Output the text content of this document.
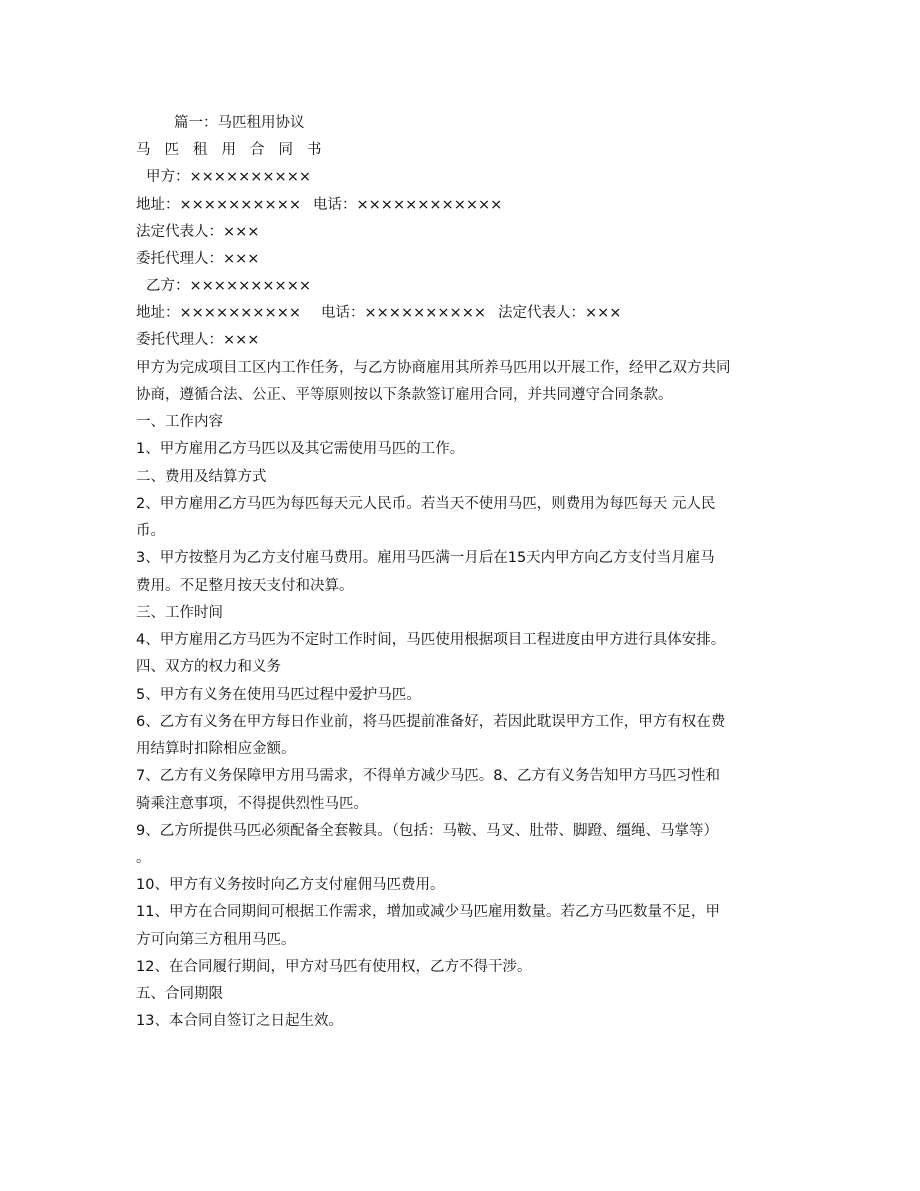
篇一：马匹租用协议
马匹租用合同书
甲方：××××××××××
地址：×××××××××× 电话：××××××××××××
法定代表人：×××
委托代理人：×××
乙方：××××××××××
地址：×××××××××× 电话：×××××××××× 法定代表人：×××
委托代理人：×××
甲方为完成项目工区内工作任务，与乙方协商雇用其所养马匹用以开展工作，经甲乙双方共同
协商，遵循合法、公正、平等原则按以下条款签订雇用合同，并共同遵守合同条款。
一、工作内容
1、甲方雇用乙方马匹以及其它需使用马匹的工作。
二、费用及结算方式
2、甲方雇用乙方马匹为每匹每天元人民币。若当天不使用马匹，则费用为每匹每天 元人民
币。
3、甲方按整月为乙方支付雇马费用。雇用马匹满一月后在15天内甲方向乙方支付当月雇马
费用。不足整月按天支付和决算。
三、工作时间
4、甲方雇用乙方马匹为不定时工作时间，马匹使用根据项目工程进度由甲方进行具体安排。
四、双方的权力和义务
5、甲方有义务在使用马匹过程中爱护马匹。
6、乙方有义务在甲方每日作业前，将马匹提前准备好，若因此耽误甲方工作，甲方有权在费
用结算时扣除相应金额。
7、乙方有义务保障甲方用马需求，不得单方减少马匹。8、乙方有义务告知甲方马匹习性和
骑乘注意事项，不得提供烈性马匹。
9、乙方所提供马匹必须配备全套鞍具。（包括：马鞍、马叉、肚带、脚蹬、缰绳、马掌等）
。
10、甲方有义务按时向乙方支付雇佣马匹费用。
11、甲方在合同期间可根据工作需求，增加或减少马匹雇用数量。若乙方马匹数量不足，甲
方可向第三方租用马匹。
12、在合同履行期间，甲方对马匹有使用权，乙方不得干涉。
五、合同期限
13、本合同自签订之日起生效。
